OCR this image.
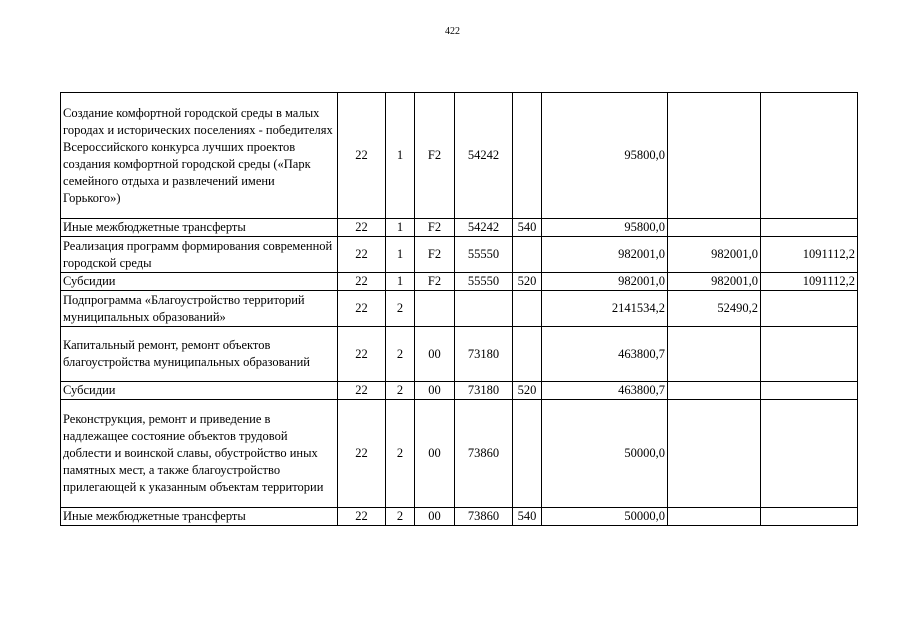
422
Создание комфортной городской среды в малых городах и исторических поселениях - победителях Всероссийского конкурса лучших проектов создания комфортной городской среды («Парк семейного отдыха и развлечений имени Горького»)	22	1	F2	54242		95800,0		
Иные межбюджетные трансферты	22	1	F2	54242	540	95800,0		
Реализация программ формирования современной городской среды	22	1	F2	55550		982001,0	982001,0	1091112,2
Субсидии	22	1	F2	55550	520	982001,0	982001,0	1091112,2
Подпрограмма «Благоустройство территорий муниципальных образований»	22	2				2141534,2	52490,2	
Капитальный ремонт, ремонт объектов благоустройства муниципальных образований	22	2	00	73180		463800,7		
Субсидии	22	2	00	73180	520	463800,7		
Реконструкция, ремонт и приведение в надлежащее состояние объектов трудовой доблести и воинской славы, обустройство иных памятных мест, а также благоустройство прилегающей к указанным объектам территории	22	2	00	73860		50000,0		
Иные межбюджетные трансферты	22	2	00	73860	540	50000,0		
